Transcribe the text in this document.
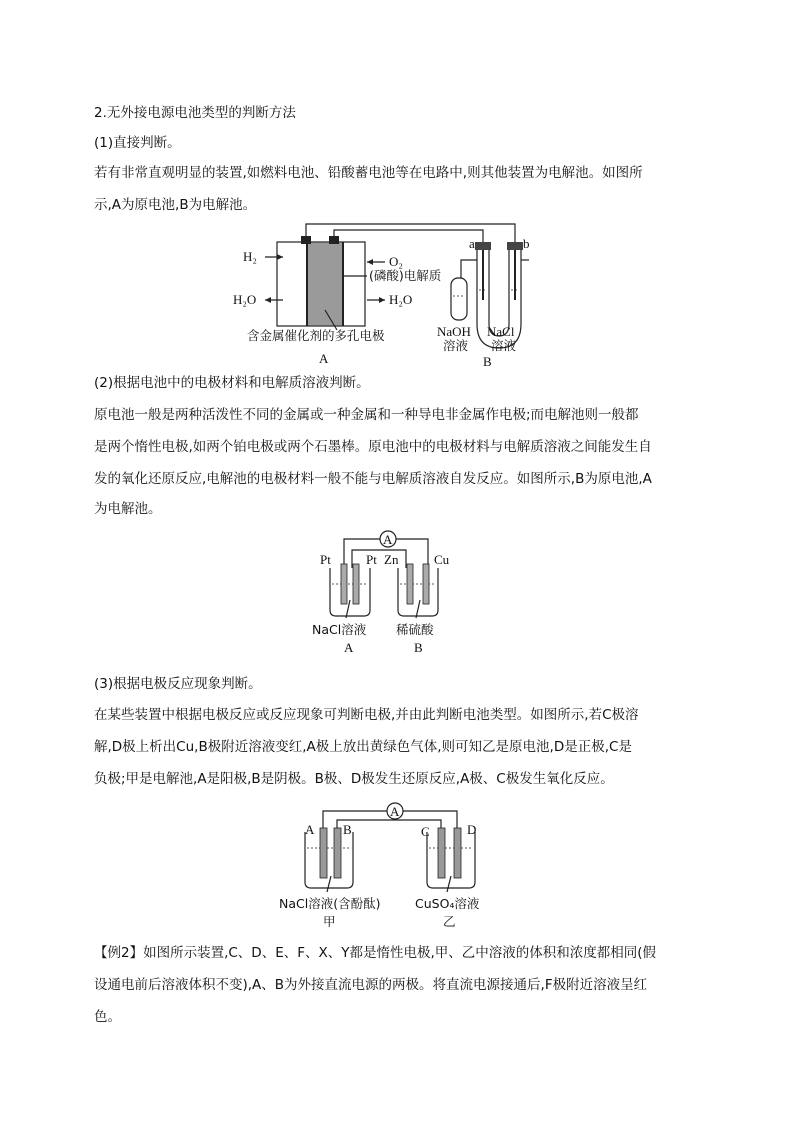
2.无外接电源电池类型的判断方法
(1)直接判断。
若有非常直观明显的装置,如燃料电池、铅酸蓄电池等在电路中,则其他装置为电解池。如图所
示,A为原电池,B为电解池。
H₂	O₂
H₂O	H₂O
(磷酸)电解质
含金属催化剂的多孔电极
A
a	b
NaOH
溶液
NaCl
溶液
B
(2)根据电池中的电极材料和电解质溶液判断。
原电池一般是两种活泼性不同的金属或一种金属和一种导电非金属作电极;而电解池则一般都
是两个惰性电极,如两个铂电极或两个石墨棒。原电池中的电极材料与电解质溶液之间能发生自
发的氧化还原反应,电解池的电极材料一般不能与电解质溶液自发反应。如图所示,B为原电池,A
为电解池。
A
Pt	Pt Zn	Cu
NaCl溶液 稀硫酸
A	B
(3)根据电极反应现象判断。
在某些装置中根据电极反应或反应现象可判断电极,并由此判断电池类型。如图所示,若C极溶
解,D极上析出Cu,B极附近溶液变红,A极上放出黄绿色气体,则可知乙是原电池,D是正极,C是
负极;甲是电解池,A是阳极,B是阴极。B极、D极发生还原反应,A极、C极发生氧化反应。
A
A B	C	D
NaCl溶液(含酚酞)
甲
CuSO₄溶液
乙
【例2】如图所示装置,C、D、E、F、X、Y都是惰性电极,甲、乙中溶液的体积和浓度都相同(假
设通电前后溶液体积不变),A、B为外接直流电源的两极。将直流电源接通后,F极附近溶液呈红
色。
